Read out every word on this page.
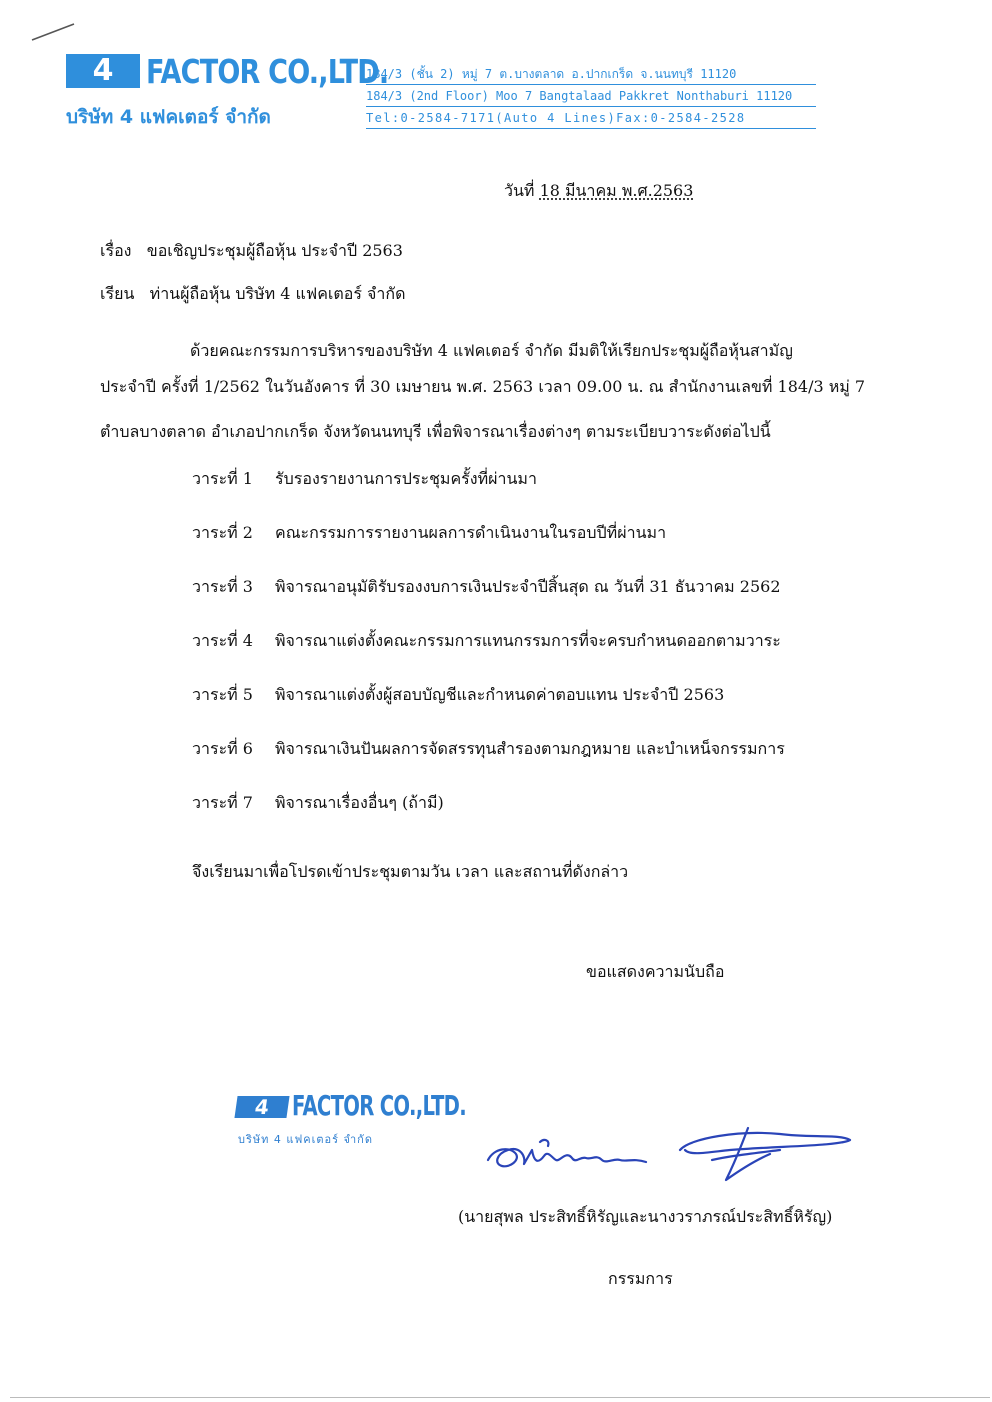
4 FACTOR CO.,LTD.
บริษัท 4 แฟคเตอร์ จำกัด
184/3 (ชั้น 2) หมู่ 7 ต.บางตลาด อ.ปากเกร็ด จ.นนทบุรี 11120
184/3 (2nd Floor) Moo 7 Bangtalaad Pakkret Nonthaburi 11120
Tel:0-2584-7171(Auto 4 Lines)Fax:0-2584-2528
วันที่ 18 มีนาคม พ.ศ.2563
เรื่อง ขอเชิญประชุมผู้ถือหุ้น ประจำปี 2563
เรียน ท่านผู้ถือหุ้น บริษัท 4 แฟคเตอร์ จำกัด
ด้วยคณะกรรมการบริหารของบริษัท 4 แฟคเตอร์ จำกัด มีมติให้เรียกประชุมผู้ถือหุ้นสามัญ
ประจำปี ครั้งที่ 1/2562 ในวันอังคาร ที่ 30 เมษายน พ.ศ. 2563 เวลา 09.00 น. ณ สำนักงานเลขที่ 184/3 หมู่ 7
ตำบลบางตลาด อำเภอปากเกร็ด จังหวัดนนทบุรี เพื่อพิจารณาเรื่องต่างๆ ตามระเบียบวาระดังต่อไปนี้
วาระที่ 1 รับรองรายงานการประชุมครั้งที่ผ่านมา
วาระที่ 2 คณะกรรมการรายงานผลการดำเนินงานในรอบปีที่ผ่านมา
วาระที่ 3 พิจารณาอนุมัติรับรองงบการเงินประจำปีสิ้นสุด ณ วันที่ 31 ธันวาคม 2562
วาระที่ 4 พิจารณาแต่งตั้งคณะกรรมการแทนกรรมการที่จะครบกำหนดออกตามวาระ
วาระที่ 5 พิจารณาแต่งตั้งผู้สอบบัญชีและกำหนดค่าตอบแทน ประจำปี 2563
วาระที่ 6 พิจารณาเงินปันผลการจัดสรรทุนสำรองตามกฎหมาย และบำเหน็จกรรมการ
วาระที่ 7 พิจารณาเรื่องอื่นๆ (ถ้ามี)
จึงเรียนมาเพื่อโปรดเข้าประชุมตามวัน เวลา และสถานที่ดังกล่าว
ขอแสดงความนับถือ
4 FACTOR CO.,LTD.
บริษัท 4 แฟคเตอร์ จำกัด
(นายสุพล ประสิทธิ์หิรัญและนางวราภรณ์ประสิทธิ์หิรัญ)
กรรมการ
